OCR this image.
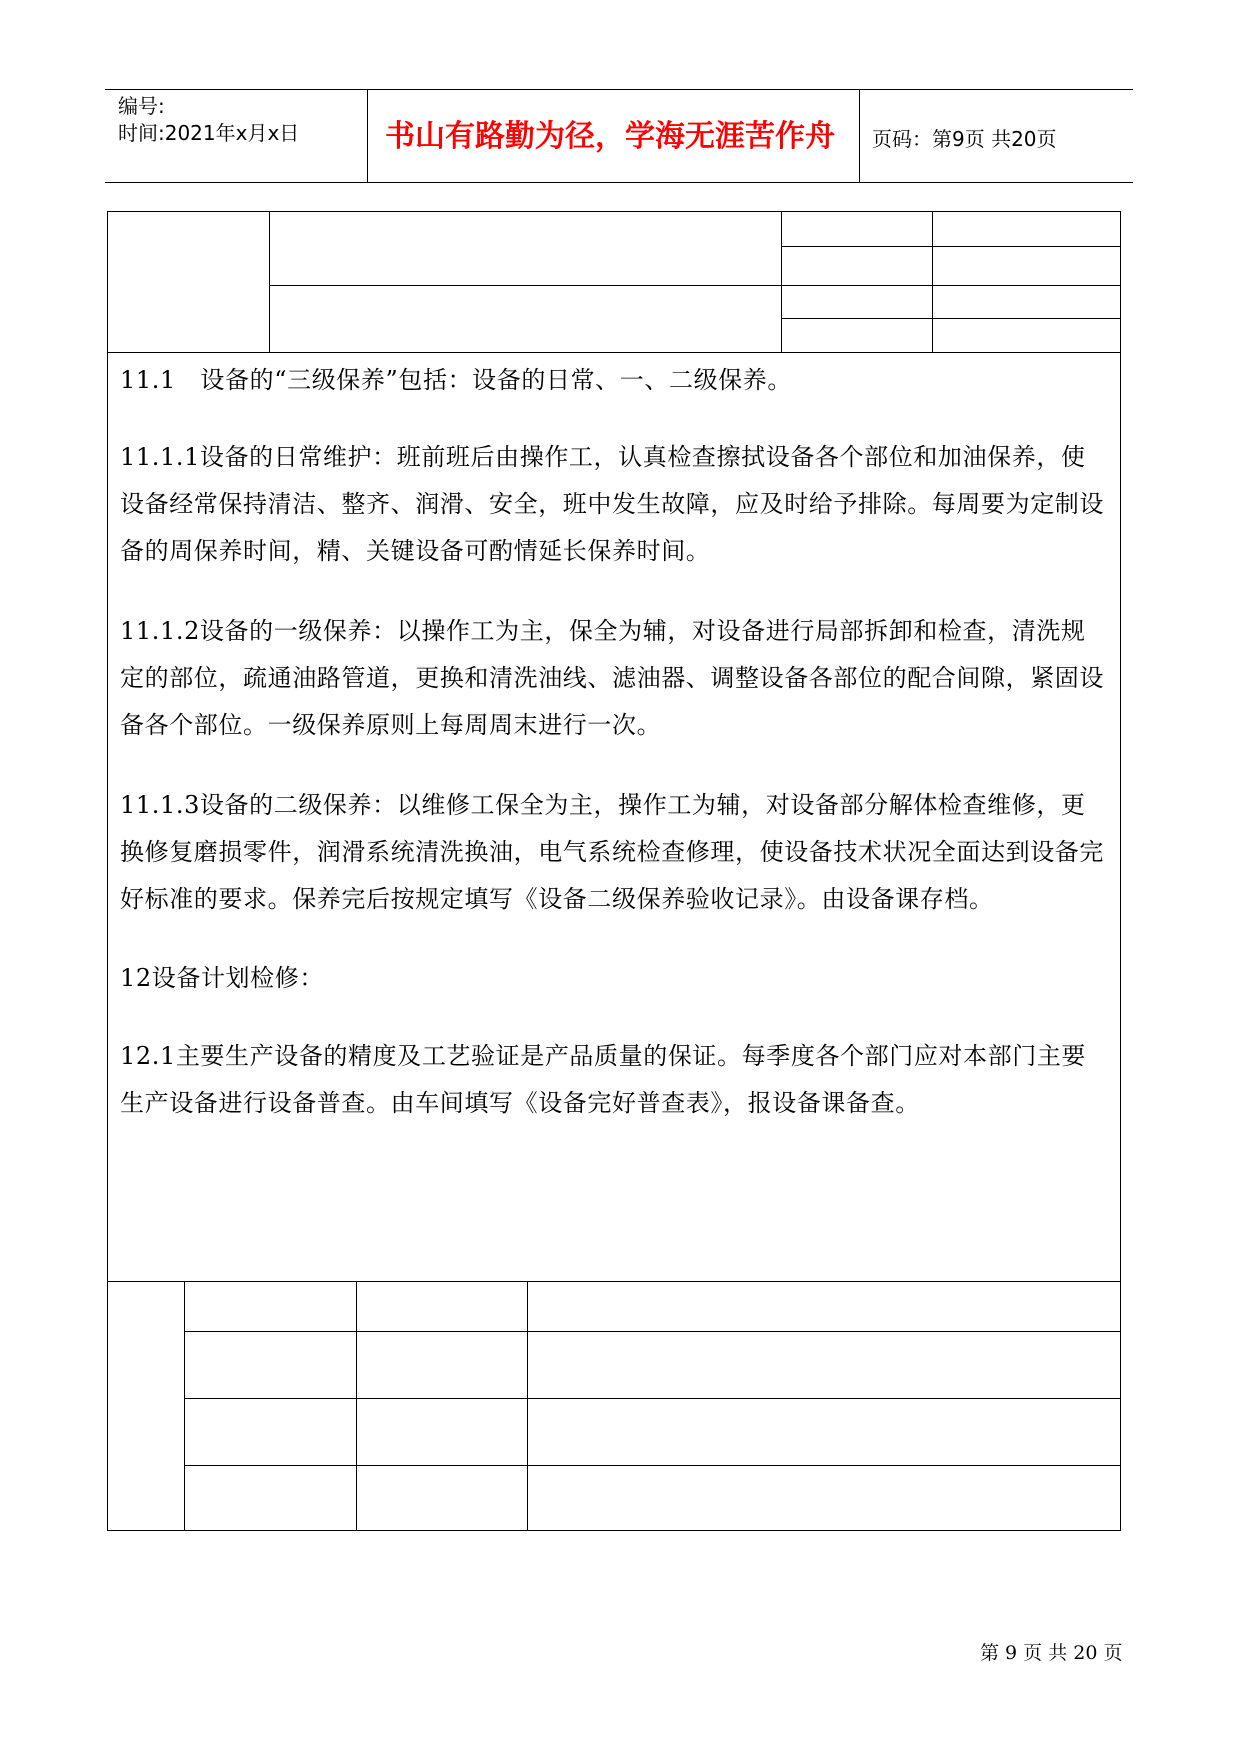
编号:
时间:2021年x月x日	书山有路勤为径，学海无涯苦作舟	页码：第9页 共20页
11.1　设备的“三级保养”包括：设备的日常、一、二级保养。
11.1.1设备的日常维护：班前班后由操作工，认真检查擦拭设备各个部位和加油保养，使设备经常保持清洁、整齐、润滑、安全，班中发生故障，应及时给予排除。每周要为定制设备的周保养时间，精、关键设备可酌情延长保养时间。
11.1.2设备的一级保养：以操作工为主，保全为辅，对设备进行局部拆卸和检查，清洗规定的部位，疏通油路管道，更换和清洗油线、滤油器、调整设备各部位的配合间隙，紧固设备各个部位。一级保养原则上每周周末进行一次。
11.1.3设备的二级保养：以维修工保全为主，操作工为辅，对设备部分解体检查维修，更换修复磨损零件，润滑系统清洗换油，电气系统检查修理，使设备技术状况全面达到设备完好标准的要求。保养完后按规定填写《设备二级保养验收记录》。由设备课存档。
12设备计划检修：
12.1主要生产设备的精度及工艺验证是产品质量的保证。每季度各个部门应对本部门主要生产设备进行设备普查。由车间填写《设备完好普查表》，报设备课备查。
第 9 页 共 20 页
